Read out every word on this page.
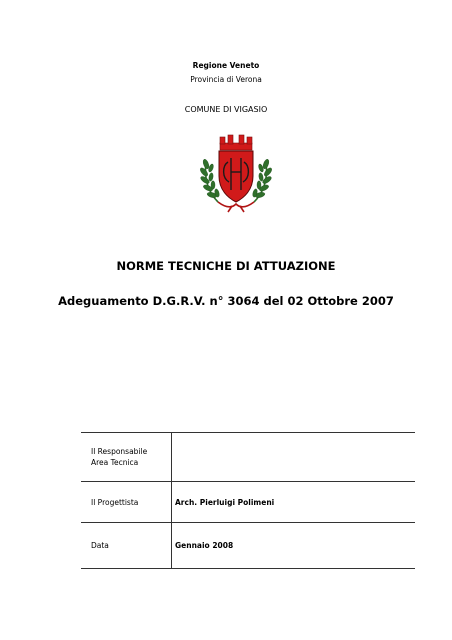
Regione Veneto
Provincia di Verona
COMUNE DI VIGASIO
NORME TECNICHE DI ATTUAZIONE
Adeguamento D.G.R.V. n° 3064 del 02 Ottobre 2007
Il Responsabile
Area Tecnica	

Il Progettista	Arch. Pierluigi Polimeni
Data	Gennaio 2008
